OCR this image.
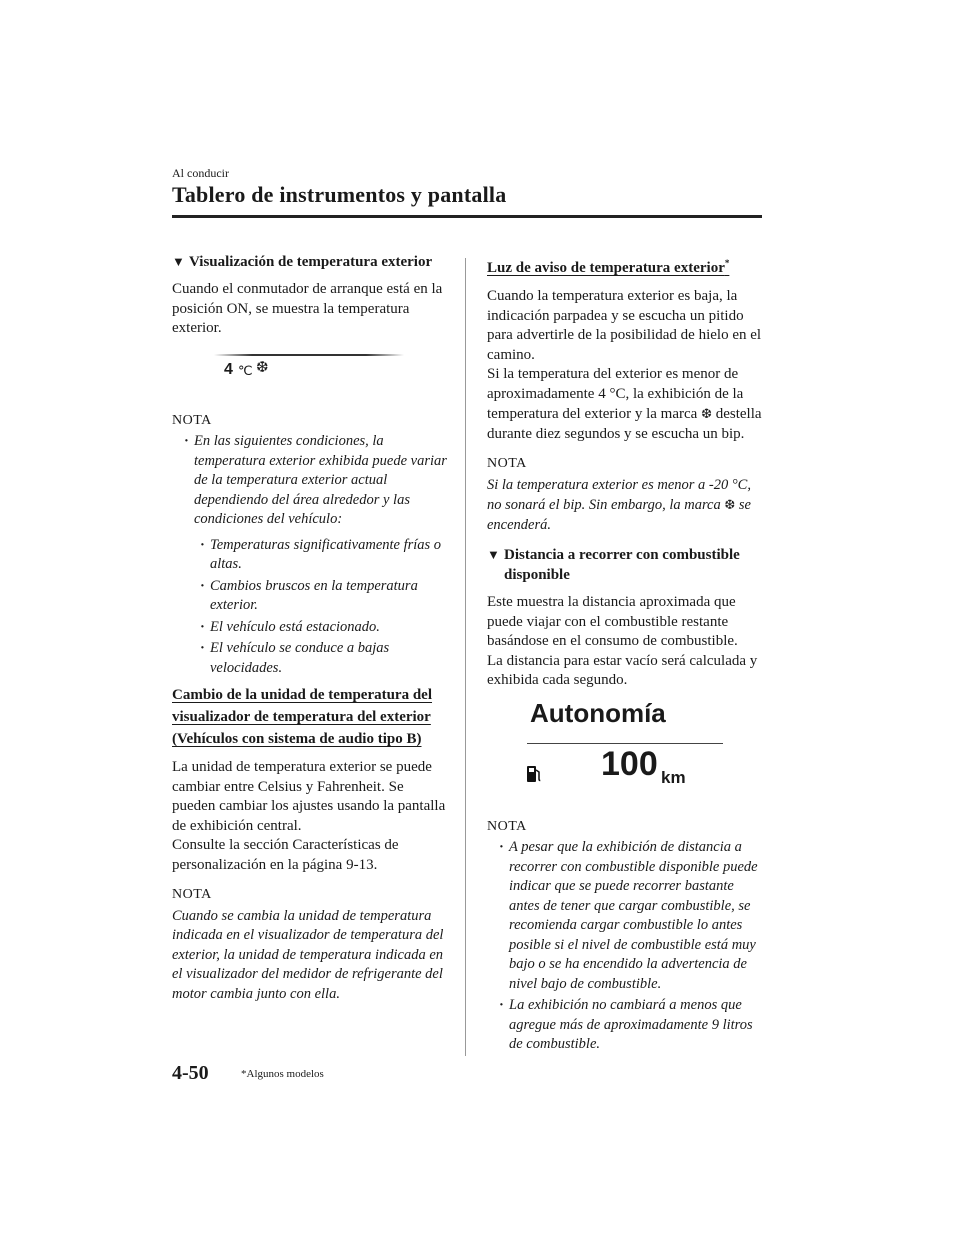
Al conducir
Tablero de instrumentos y pantalla
▼ Visualización de temperatura exterior

Cuando el conmutador de arranque está en la posición ON, se muestra la temperatura exterior.

4 ℃ ❆
NOTA
· En las siguientes condiciones, la temperatura exterior exhibida puede variar de la temperatura exterior actual dependiendo del área alrededor y las condiciones del vehículo:
· Temperaturas significativamente frías o altas.
· Cambios bruscos en la temperatura exterior.
· El vehículo está estacionado.
· El vehículo se conduce a bajas velocidades.
Cambio de la unidad de temperatura del visualizador de temperatura del exterior (Vehículos con sistema de audio tipo B)

La unidad de temperatura exterior se puede cambiar entre Celsius y Fahrenheit. Se pueden cambiar los ajustes usando la pantalla de exhibición central.

Consulte la sección Características de personalización en la página 9-13.

NOTA
Cuando se cambia la unidad de temperatura indicada en el visualizador de temperatura del exterior, la unidad de temperatura indicada en el visualizador del medidor de refrigerante del motor cambia junto con ella.
Luz de aviso de temperatura exterior*

Cuando la temperatura exterior es baja, la indicación parpadea y se escucha un pitido para advertirle de la posibilidad de hielo en el camino.

Si la temperatura del exterior es menor de aproximadamente 4 °C, la exhibición de la temperatura del exterior y la marca ❆ destella durante diez segundos y se escucha un bip.

NOTA
Si la temperatura exterior es menor a -20 °C, no sonará el bip. Sin embargo, la marca ❆ se encenderá.
▼ Distancia a recorrer con combustible disponible

Este muestra la distancia aproximada que puede viajar con el combustible restante basándose en el consumo de combustible.

La distancia para estar vacío será calculada y exhibida cada segundo.

Autonomía
100 km
NOTA
· A pesar que la exhibición de distancia a recorrer con combustible disponible puede indicar que se puede recorrer bastante antes de tener que cargar combustible, se recomienda cargar combustible lo antes posible si el nivel de combustible está muy bajo o se ha encendido la advertencia de nivel bajo de combustible.
· La exhibición no cambiará a menos que agregue más de aproximadamente 9 litros de combustible.
4-50	*Algunos modelos
